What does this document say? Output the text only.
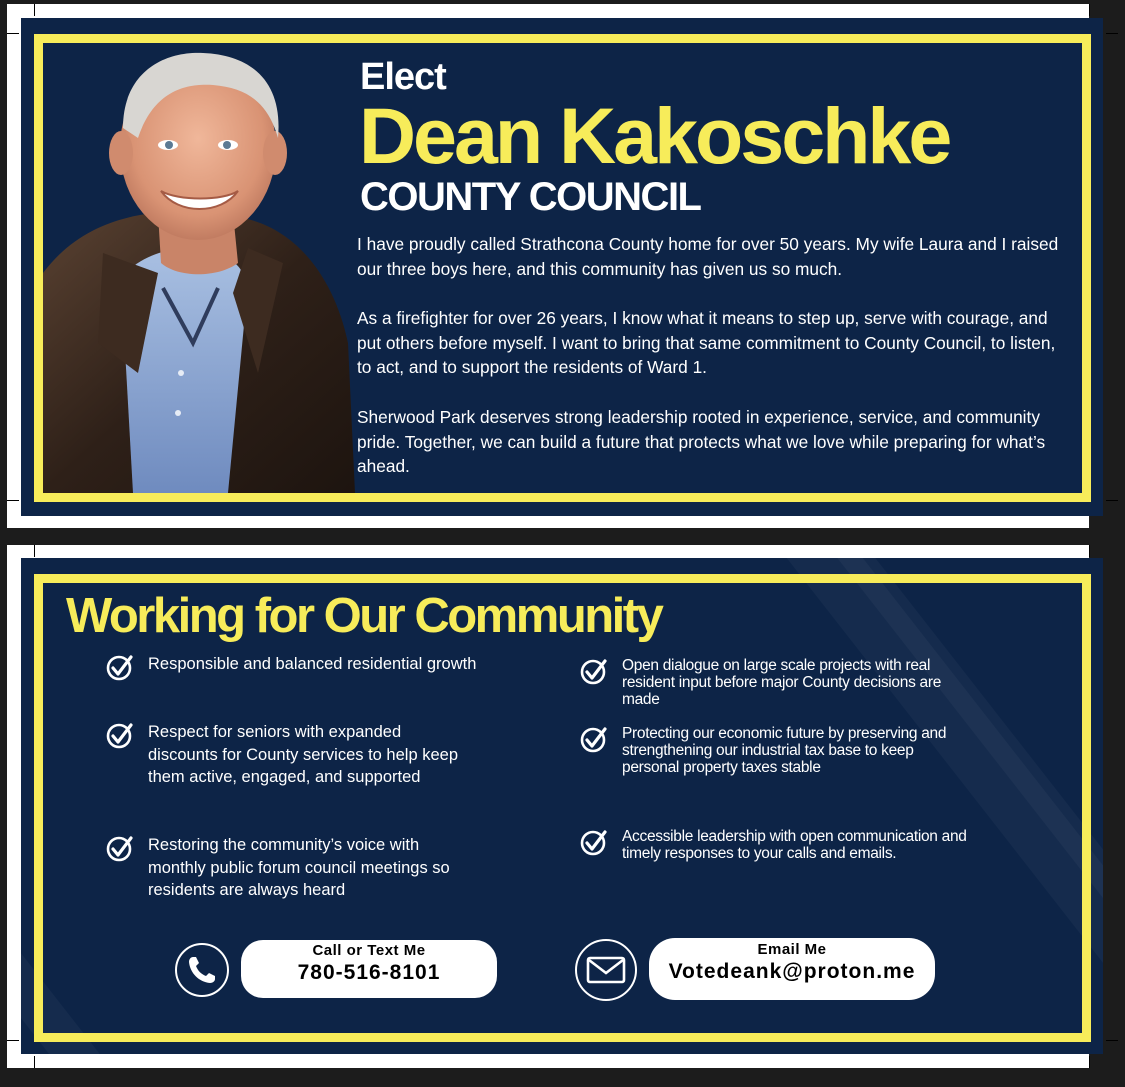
Elect
Dean Kakoschke
COUNTY COUNCIL

I have proudly called Strathcona County home for over 50 years. My wife Laura and I raised our three boys here, and this community has given us so much.

As a firefighter for over 26 years, I know what it means to step up, serve with courage, and put others before myself. I want to bring that same commitment to County Council, to listen, to act, and to support the residents of Ward 1.

Sherwood Park deserves strong leadership rooted in experience, service, and community pride. Together, we can build a future that protects what we love while preparing for what’s ahead.

Working for Our Community
Responsible and balanced residential growth
Respect for seniors with expanded discounts for County services to help keep them active, engaged, and supported
Restoring the community’s voice with monthly public forum council meetings so residents are always heard
Open dialogue on large scale projects with real resident input before major County decisions are made
Protecting our economic future by preserving and strengthening our industrial tax base to keep personal property taxes stable
Accessible leadership with open communication and timely responses to your calls and emails.
Call or Text Me
780-516-8101
Email Me
Votedeank@proton.me
